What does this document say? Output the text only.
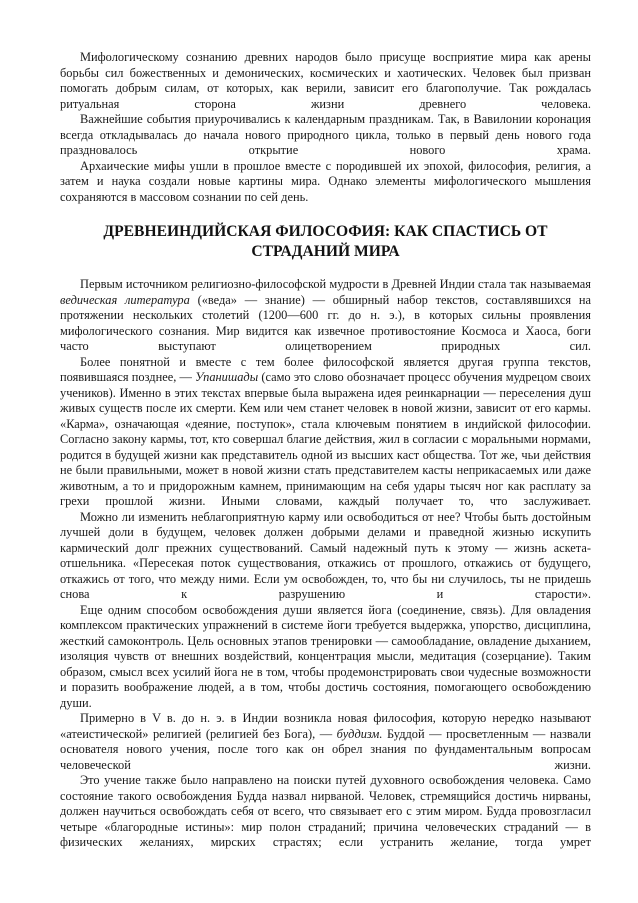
Мифологическому сознанию древних народов было присуще восприятие мира как арены борьбы сил божественных и демонических, космических и хаотических. Человек был призван помогать добрым силам, от которых, как верили, зависит его благополучие. Так рождалась ритуальная сторона жизни древнего человека.

Важнейшие события приурочивались к календарным праздникам. Так, в Вавилонии коронация всегда откладывалась до начала нового природного цикла, только в первый день нового года праздновалось открытие нового храма.

Архаические мифы ушли в прошлое вместе с породившей их эпохой, философия, религия, а затем и наука создали новые картины мира. Однако элементы мифологического мышления сохраняются в массовом сознании по сей день.

ДРЕВНЕИНДИЙСКАЯ ФИЛОСОФИЯ: КАК СПАСТИСЬ ОТ
СТРАДАНИЙ МИРА

Первым источником религиозно-философской мудрости в Древней Индии стала так называемая ведическая литература («веда» — знание) — обширный набор текстов, составлявшихся на протяжении нескольких столетий (1200—600 гг. до н. э.), в которых сильны проявления мифологического сознания. Мир видится как извечное противостояние Космоса и Хаоса, боги часто выступают олицетворением природных сил.

Более понятной и вместе с тем более философской является другая группа текстов, появившаяся позднее, — Упанишады (само это слово обозначает процесс обучения мудрецом своих учеников). Именно в этих текстах впервые была выражена идея реинкарнации — переселения душ живых существ после их смерти. Кем или чем станет человек в новой жизни, зависит от его кармы. «Карма», означающая «деяние, поступок», стала ключевым понятием в индийской философии. Согласно закону кармы, тот, кто совершал благие действия, жил в согласии с моральными нормами, родится в будущей жизни как представитель одной из высших каст общества. Тот же, чьи действия не были правильными, может в новой жизни стать представителем касты неприкасаемых или даже животным, а то и придорожным камнем, принимающим на себя удары тысяч ног как расплату за грехи прошлой жизни. Иными словами, каждый получает то, что заслуживает.

Можно ли изменить неблагоприятную карму или освободиться от нее? Чтобы быть достойным лучшей доли в будущем, человек должен добрыми делами и праведной жизнью искупить кармический долг прежних существований. Самый надежный путь к этому — жизнь аскета-отшельника. «Пересекая поток существования, откажись от прошлого, откажись от будущего, откажись от того, что между ними. Если ум освобожден, то, что бы ни случилось, ты не придешь снова к разрушению и старости».

Еще одним способом освобождения души является йога (соединение, связь). Для овладения комплексом практических упражнений в системе йоги требуется выдержка, упорство, дисциплина, жесткий самоконтроль. Цель основных этапов тренировки — самообладание, овладение дыханием, изоляция чувств от внешних воздействий, концентрация мысли, медитация (созерцание). Таким образом, смысл всех усилий йога не в том, чтобы продемонстрировать свои чудесные возможности и поразить воображение людей, а в том, чтобы достичь состояния, помогающего освобождению души.

Примерно в V в. до н. э. в Индии возникла новая философия, которую нередко называют «атеистической» религией (религией без Бога), — буддизм. Буддой — просветленным — назвали основателя нового учения, после того как он обрел знания по фундаментальным вопросам человеческой жизни.

Это учение также было направлено на поиски путей духовного освобождения человека. Само состояние такого освобождения Будда назвал нирваной. Человек, стремящийся достичь нирваны, должен научиться освобождать себя от всего, что связывает его с этим миром. Будда провозгласил четыре «благородные истины»: мир полон страданий; причина человеческих страданий — в физических желаниях, мирских страстях; если устранить желание, тогда умрет
